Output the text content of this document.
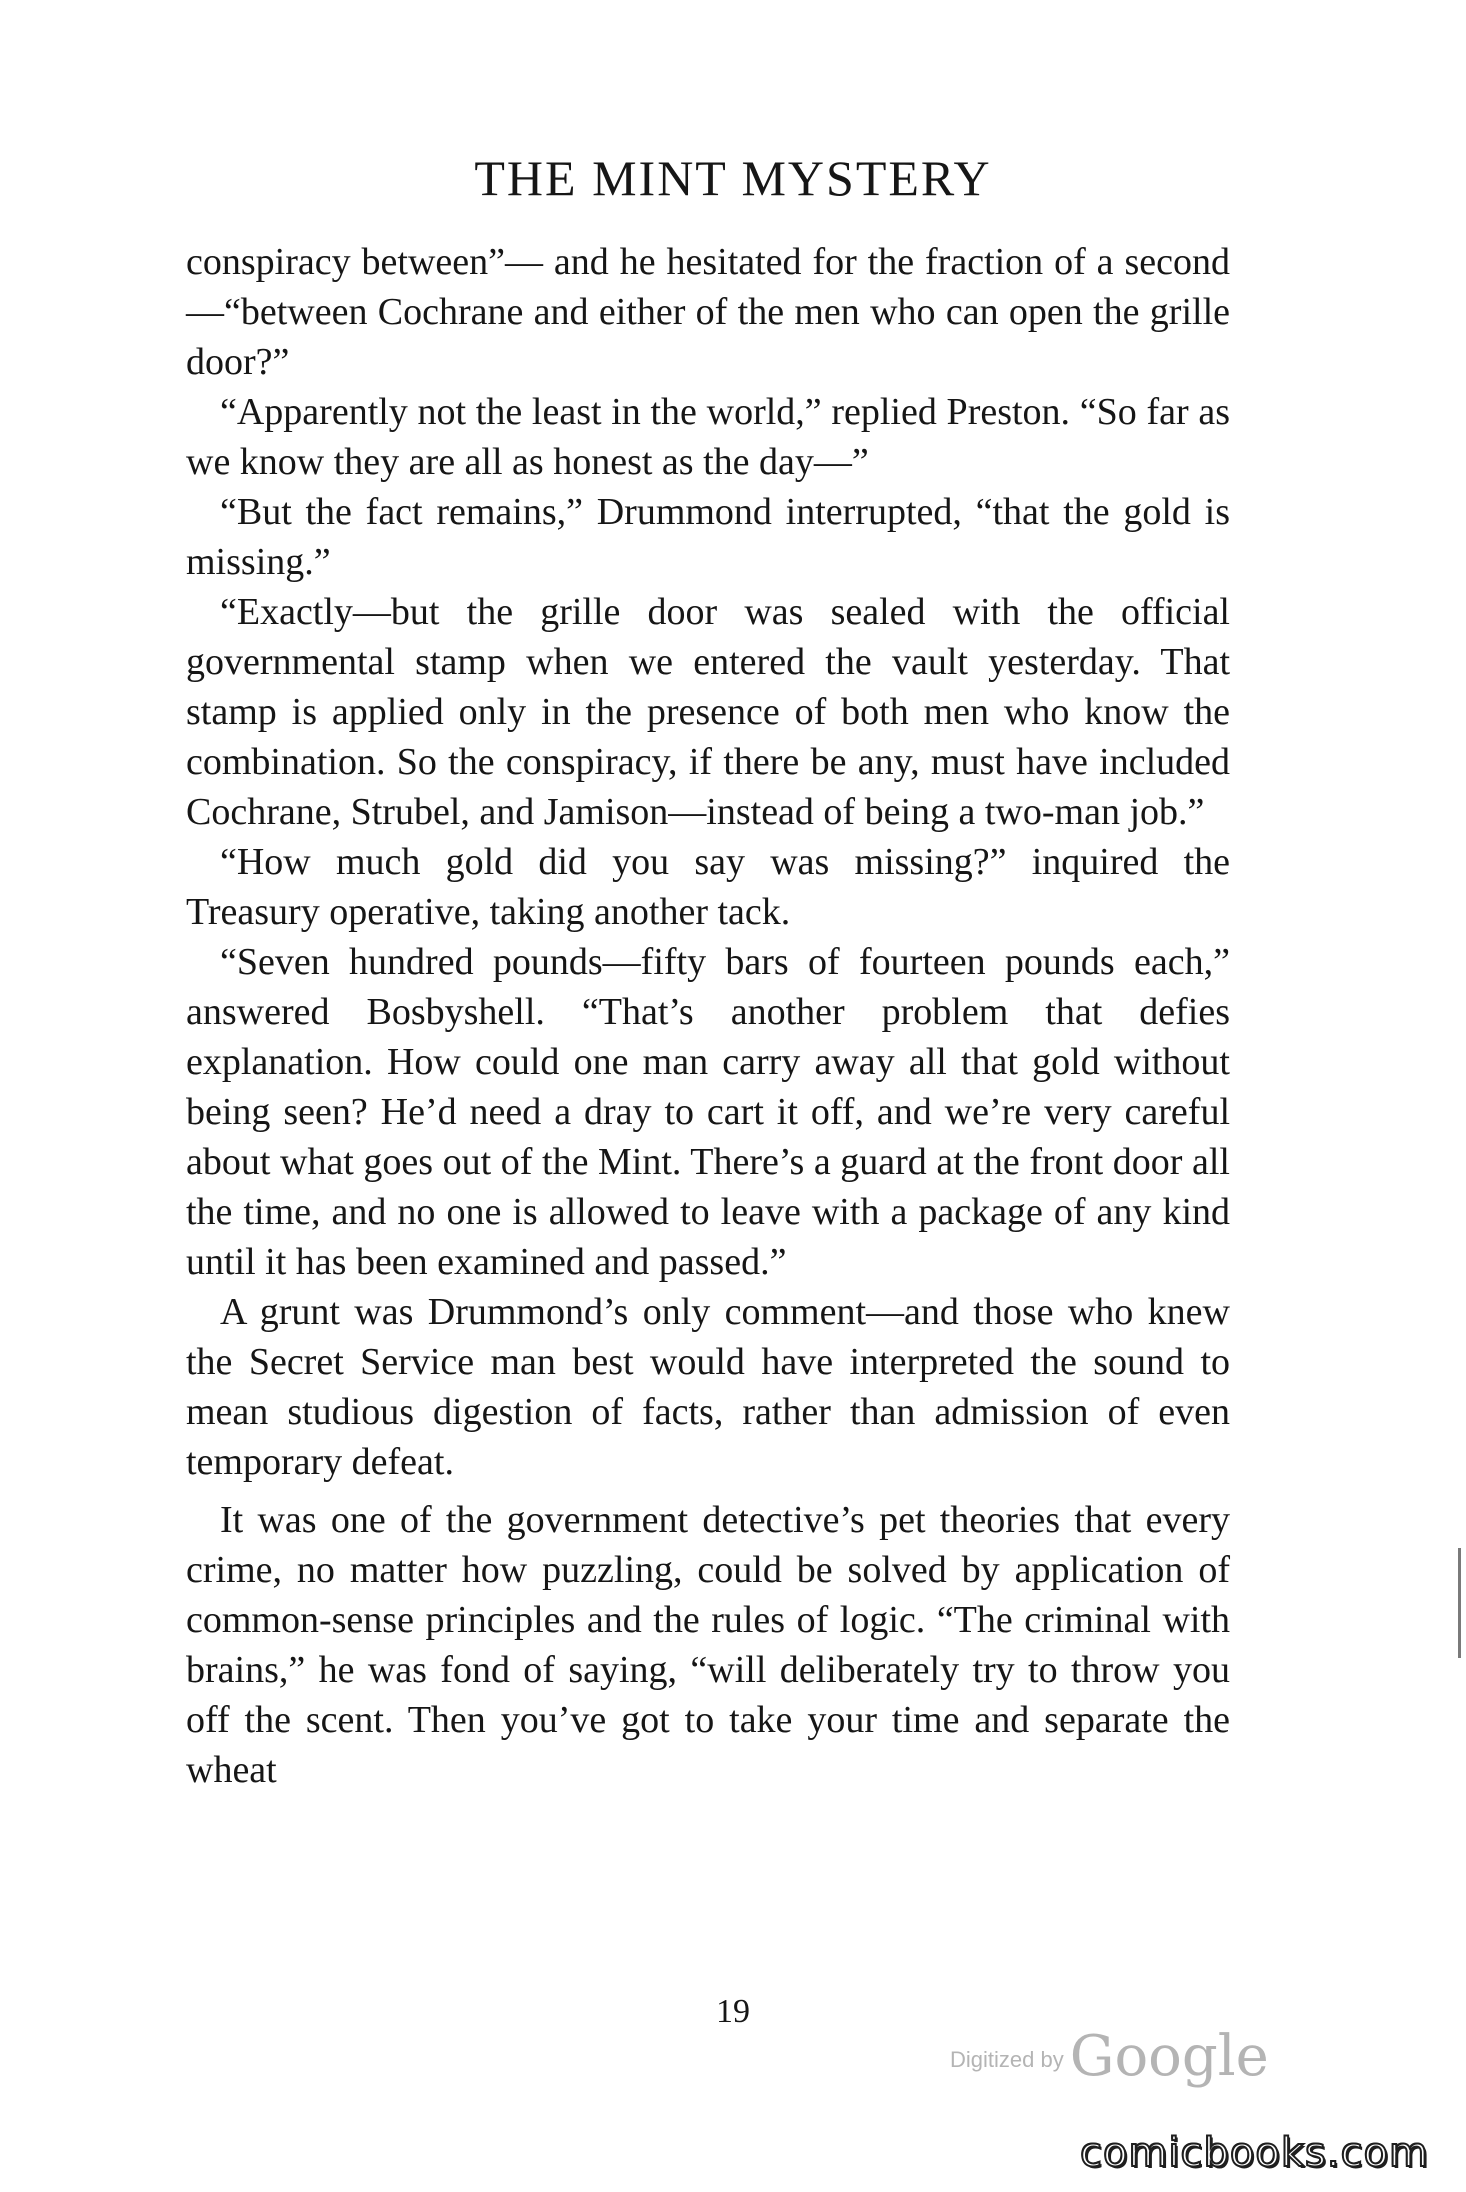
THE MINT MYSTERY

conspiracy between”— and he hesitated for the fraction of a second—“between Cochrane and either of the men who can open the grille door?”

“Apparently not the least in the world,” replied Preston. “So far as we know they are all as honest as the day—”

“But the fact remains,” Drummond interrupted, “that the gold is missing.”

“Exactly—but the grille door was sealed with the official governmental stamp when we entered the vault yesterday. That stamp is applied only in the presence of both men who know the combination. So the conspiracy, if there be any, must have included Cochrane, Strubel, and Jamison—instead of being a two-man job.”

“How much gold did you say was missing?” inquired the Treasury operative, taking another tack.

“Seven hundred pounds—fifty bars of fourteen pounds each,” answered Bosbyshell. “That’s another problem that defies explanation. How could one man carry away all that gold without being seen? He’d need a dray to cart it off, and we’re very careful about what goes out of the Mint. There’s a guard at the front door all the time, and no one is allowed to leave with a package of any kind until it has been examined and passed.”

A grunt was Drummond’s only comment—and those who knew the Secret Service man best would have interpreted the sound to mean studious digestion of facts, rather than admission of even temporary defeat.

It was one of the government detective’s pet theories that every crime, no matter how puzzling, could be solved by application of common-sense principles and the rules of logic. “The criminal with brains,” he was fond of saying, “will deliberately try to throw you off the scent. Then you’ve got to take your time and separate the wheat

19
Digitized by Google
comicbooks.com
